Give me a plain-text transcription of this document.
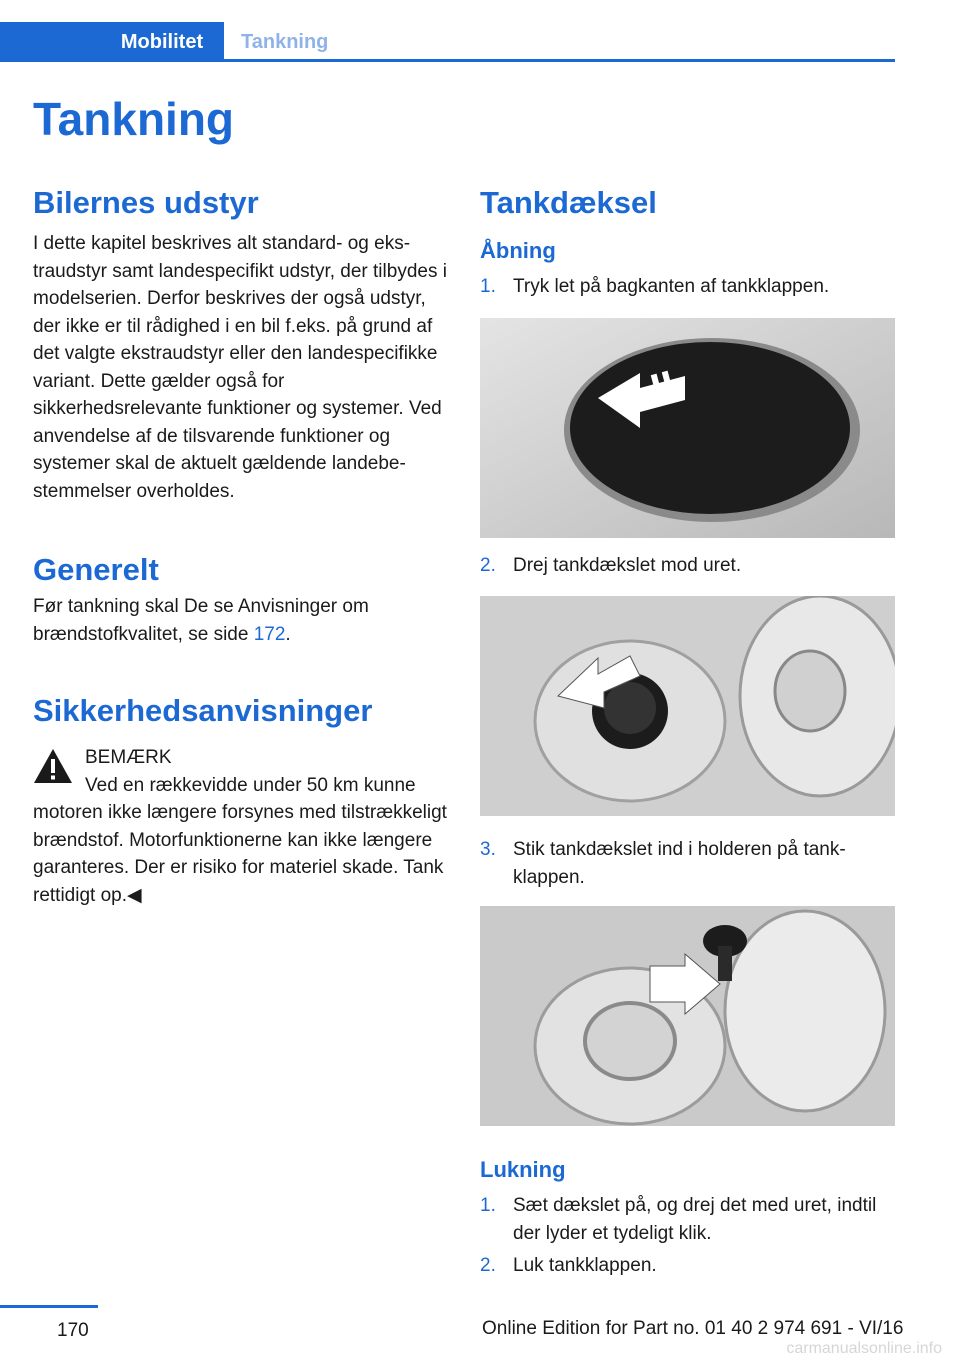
Mobilitet	Tankning
Tankning
Bilernes udstyr

I dette kapitel beskrives alt standard- og ekstraudstyr samt landespecifikt udstyr, der tilbydes i modelserien. Derfor beskrives der også udstyr, der ikke er til rådighed i en bil f.eks. på grund af det valgte ekstraudstyr eller den landespecifikke variant. Dette gælder også for sikkerhedsrelevante funktioner og systemer. Ved anvendelse af de tilsvarende funktioner og systemer skal de aktuelt gældende landebestemmelser overholdes.

Generelt

Før tankning skal De se Anvisninger om brændstofkvalitet, se side 172.

Sikkerhedsanvisninger

BEMÆRK

Ved en rækkevidde under 50 km kunne motoren ikke længere forsynes med tilstrækkeligt brændstof. Motorfunktionerne kan ikke længere garanteres. Der er risiko for materiel skade. Tank rettidigt op.◀

Tankdæksel
Åbning
1. Tryk let på bagkanten af tankklappen.
2. Drej tankdækslet mod uret.
3. Stik tankdækslet ind i holderen på tankklappen.
Lukning
1. Sæt dækslet på, og drej det med uret, indtil der lyder et tydeligt klik.
2. Luk tankklappen.
170	Online Edition for Part no. 01 40 2 974 691 - VI/16
carmanualsonline.info
